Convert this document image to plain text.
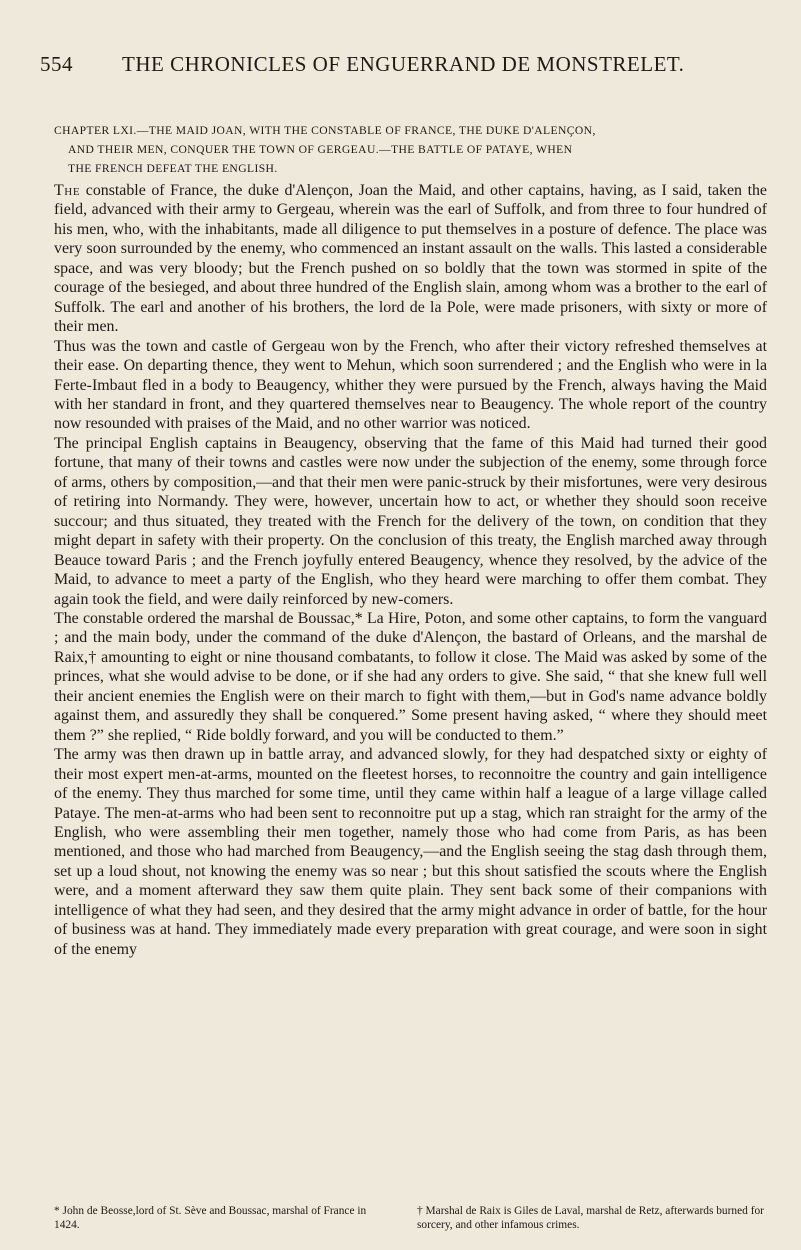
554 THE CHRONICLES OF ENGUERRAND DE MONSTRELET.

CHAPTER LXI.—THE MAID JOAN, WITH THE CONSTABLE OF FRANCE, THE DUKE D'ALENÇON,

AND THEIR MEN, CONQUER THE TOWN OF GERGEAU.—THE BATTLE OF PATAYE, WHEN

THE FRENCH DEFEAT THE ENGLISH.

The constable of France, the duke d'Alençon, Joan the Maid, and other captains, having, as I said, taken the field, advanced with their army to Gergeau, wherein was the earl of Suffolk, and from three to four hundred of his men, who, with the inhabitants, made all diligence to put themselves in a posture of defence. The place was very soon surrounded by the enemy, who commenced an instant assault on the walls. This lasted a considerable space, and was very bloody; but the French pushed on so boldly that the town was stormed in spite of the courage of the besieged, and about three hundred of the English slain, among whom was a brother to the earl of Suffolk. The earl and another of his brothers, the lord de la Pole, were made prisoners, with sixty or more of their men.

Thus was the town and castle of Gergeau won by the French, who after their victory refreshed themselves at their ease. On departing thence, they went to Mehun, which soon surrendered ; and the English who were in la Ferte-Imbaut fled in a body to Beaugency, whither they were pursued by the French, always having the Maid with her standard in front, and they quartered themselves near to Beaugency. The whole report of the country now resounded with praises of the Maid, and no other warrior was noticed.

The principal English captains in Beaugency, observing that the fame of this Maid had turned their good fortune, that many of their towns and castles were now under the subjection of the enemy, some through force of arms, others by composition,—and that their men were panic-struck by their misfortunes, were very desirous of retiring into Normandy. They were, however, uncertain how to act, or whether they should soon receive succour; and thus situated, they treated with the French for the delivery of the town, on condition that they might depart in safety with their property. On the conclusion of this treaty, the English marched away through Beauce toward Paris ; and the French joyfully entered Beaugency, whence they resolved, by the advice of the Maid, to advance to meet a party of the English, who they heard were marching to offer them combat. They again took the field, and were daily reinforced by new-comers.

The constable ordered the marshal de Boussac,* La Hire, Poton, and some other captains, to form the vanguard ; and the main body, under the command of the duke d'Alençon, the bastard of Orleans, and the marshal de Raix,† amounting to eight or nine thousand combatants, to follow it close. The Maid was asked by some of the princes, what she would advise to be done, or if she had any orders to give. She said, “ that she knew full well their ancient enemies the English were on their march to fight with them,—but in God's name advance boldly against them, and assuredly they shall be conquered.” Some present having asked, “ where they should meet them ?” she replied, “ Ride boldly forward, and you will be conducted to them.”

The army was then drawn up in battle array, and advanced slowly, for they had despatched sixty or eighty of their most expert men-at-arms, mounted on the fleetest horses, to reconnoitre the country and gain intelligence of the enemy. They thus marched for some time, until they came within half a league of a large village called Pataye. The men-at-arms who had been sent to reconnoitre put up a stag, which ran straight for the army of the English, who were assembling their men together, namely those who had come from Paris, as has been mentioned, and those who had marched from Beaugency,—and the English seeing the stag dash through them, set up a loud shout, not knowing the enemy was so near ; but this shout satisfied the scouts where the English were, and a moment afterward they saw them quite plain. They sent back some of their companions with intelligence of what they had seen, and they desired that the army might advance in order of battle, for the hour of business was at hand. They immediately made every preparation with great courage, and were soon in sight of the enemy

* John de Beosse,lord of St. Sève and Boussac, marshal of France in 1424.
† Marshal de Raix is Giles de Laval, marshal de Retz, afterwards burned for sorcery, and other infamous crimes.
